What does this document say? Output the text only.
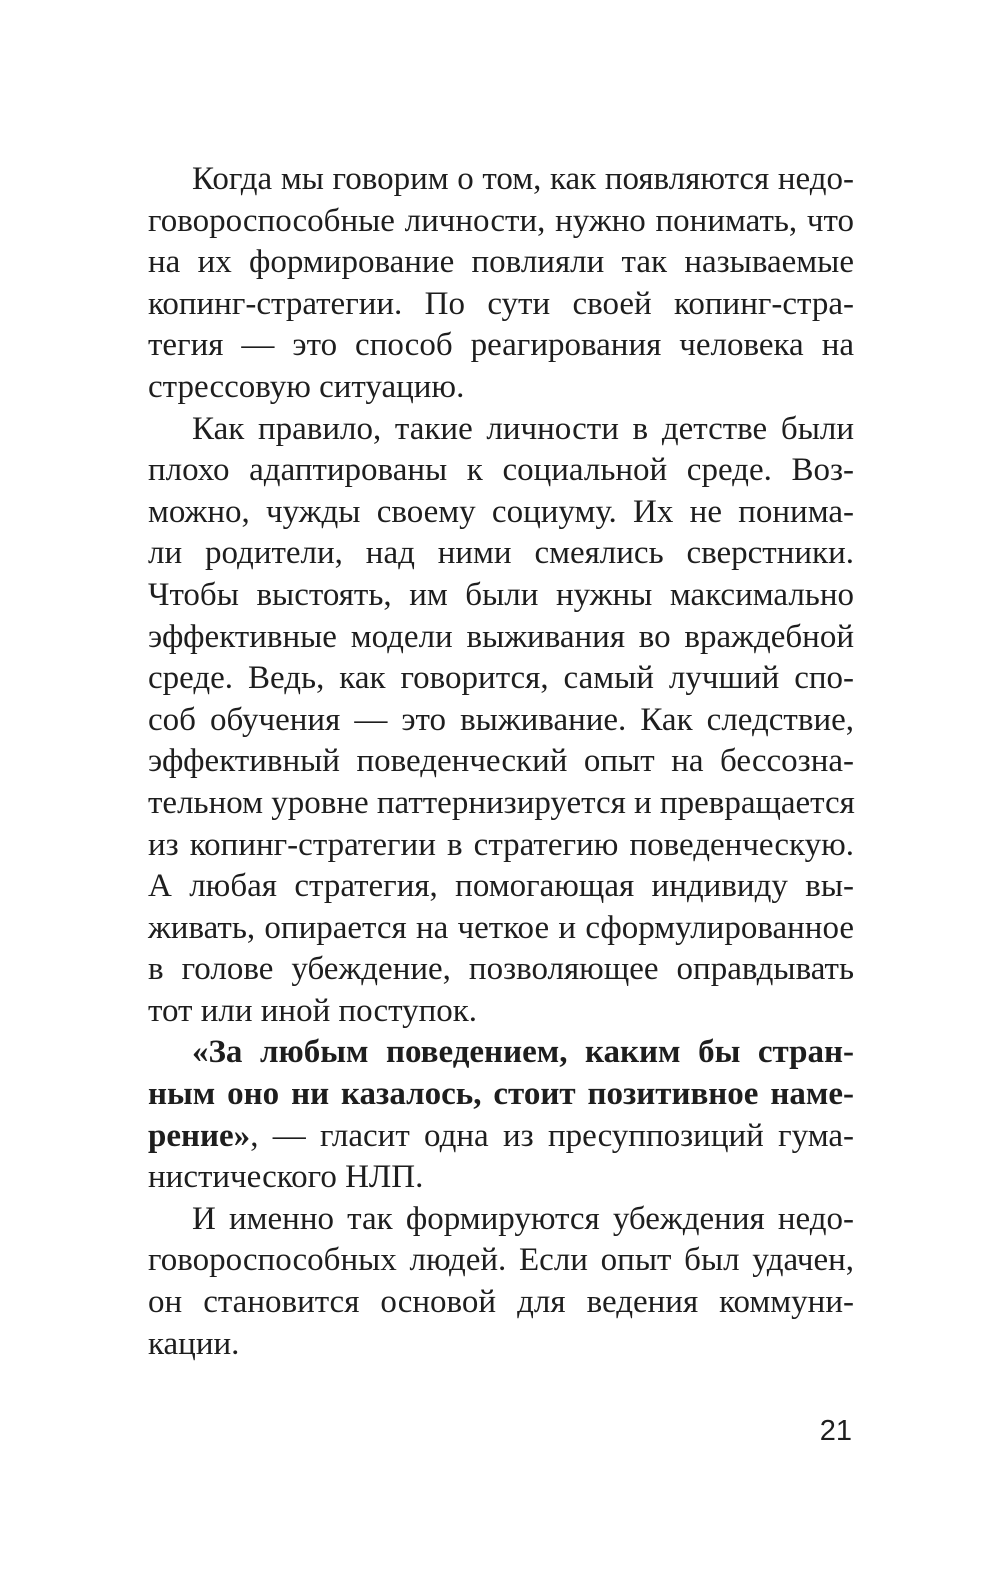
Когда мы говорим о том, как появляются недо-
говороспособные личности, нужно понимать, что
на их формирование повлияли так называемые
копинг-стратегии. По сути своей копинг-стра-
тегия — это способ реагирования человека на
стрессовую ситуацию.
Как правило, такие личности в детстве были
плохо адаптированы к социальной среде. Воз-
можно, чужды своему социуму. Их не понима-
ли родители, над ними смеялись сверстники.
Чтобы выстоять, им были нужны максимально
эффективные модели выживания во враждебной
среде. Ведь, как говорится, самый лучший спо-
соб обучения — это выживание. Как следствие,
эффективный поведенческий опыт на бессозна-
тельном уровне паттернизируется и превращается
из копинг-стратегии в стратегию поведенческую.
А любая стратегия, помогающая индивиду вы-
живать, опирается на четкое и сформулированное
в голове убеждение, позволяющее оправдывать
тот или иной поступок.
«За любым поведением, каким бы стран-
ным оно ни казалось, стоит позитивное наме-
рение», — гласит одна из пресуппозиций гума-
нистического НЛП.
И именно так формируются убеждения недо-
говороспособных людей. Если опыт был удачен,
он становится основой для ведения коммуни-
кации.
21
